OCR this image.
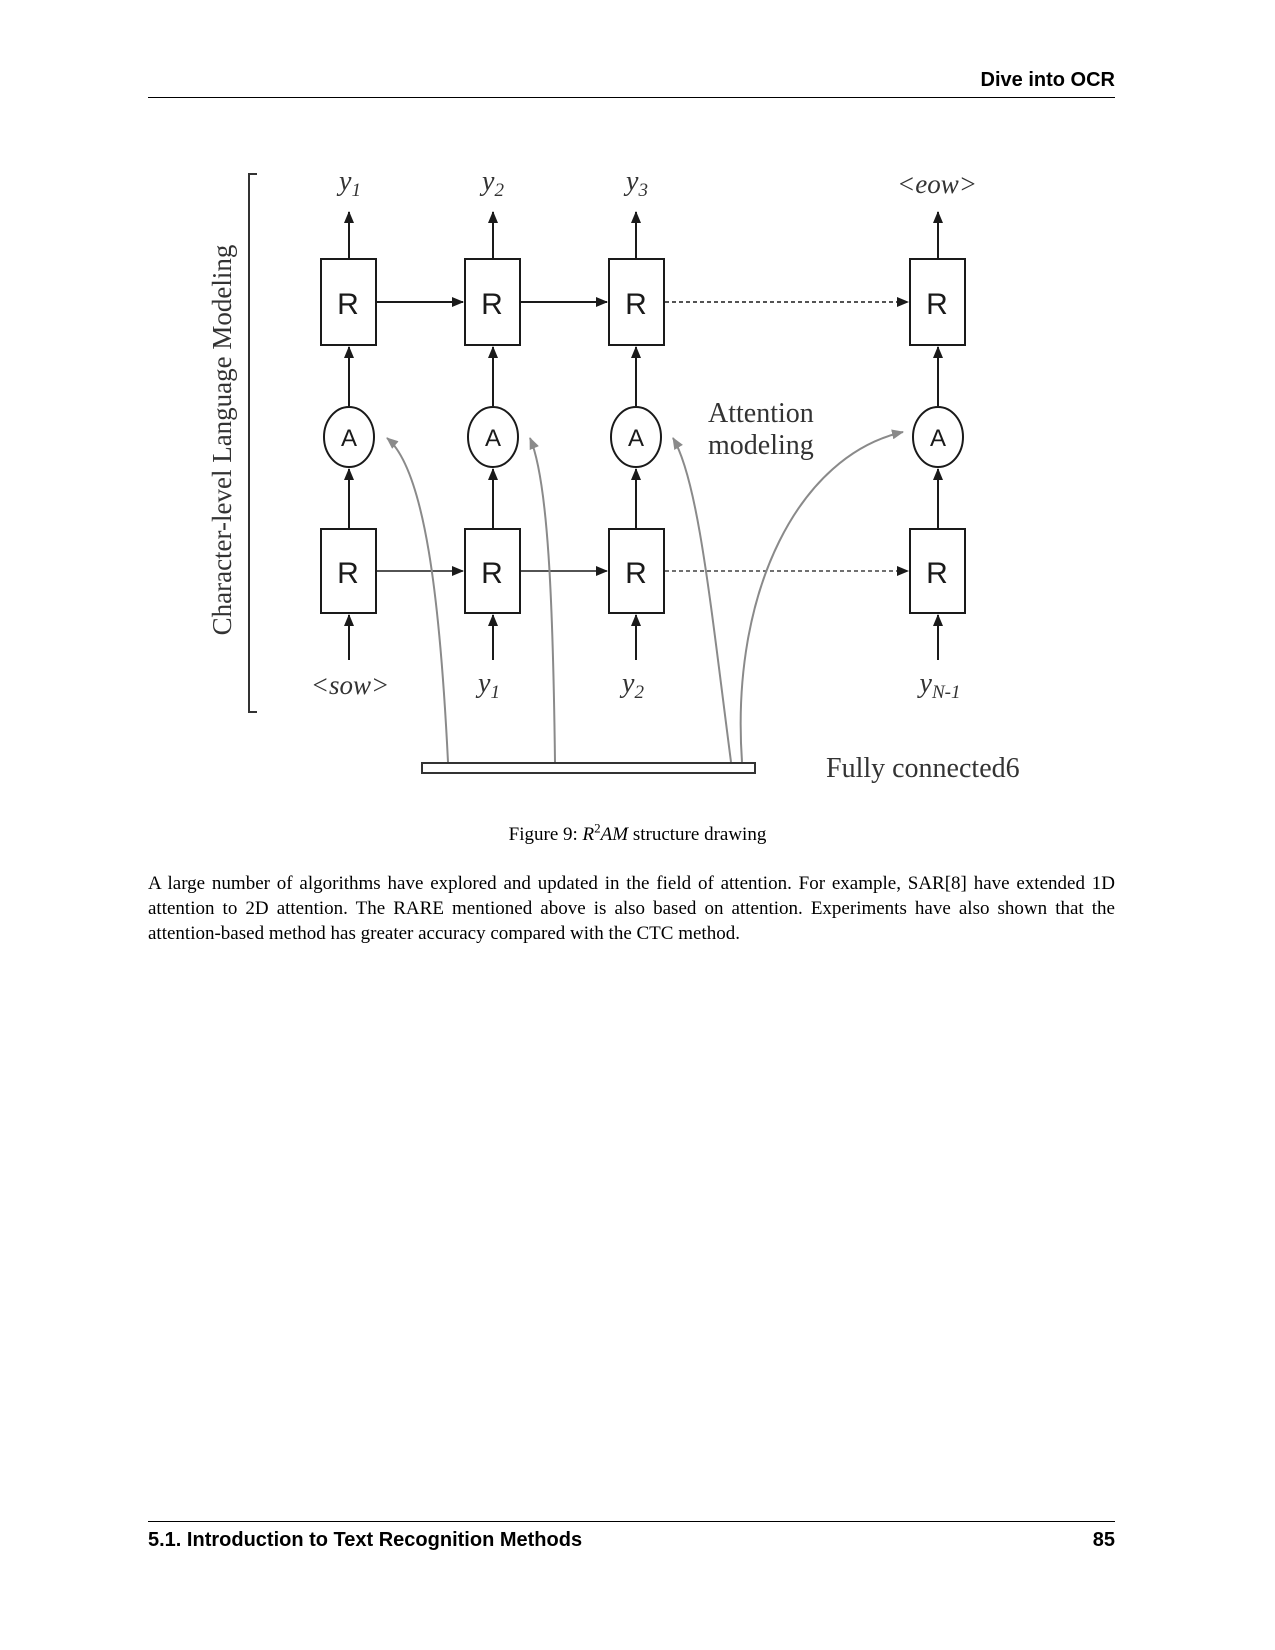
Dive into OCR
Character-level Language Modeling
$y_1$	$y_2$	$y_3$	<eow>
R	R	R	R
A	A	A	A
Attention modeling
R	R	R	R
<sow>	$y_1$	$y_2$	$y_{N-1}$
Fully connected6
Figure 9: $R^2AM$ structure drawing

A large number of algorithms have explored and updated in the field of attention. For example, SAR[8] have extended 1D attention to 2D attention. The RARE mentioned above is also based on attention. Experiments have also shown that the attention-based method has greater accuracy compared with the CTC method.

5.1. Introduction to Text Recognition Methods	85
